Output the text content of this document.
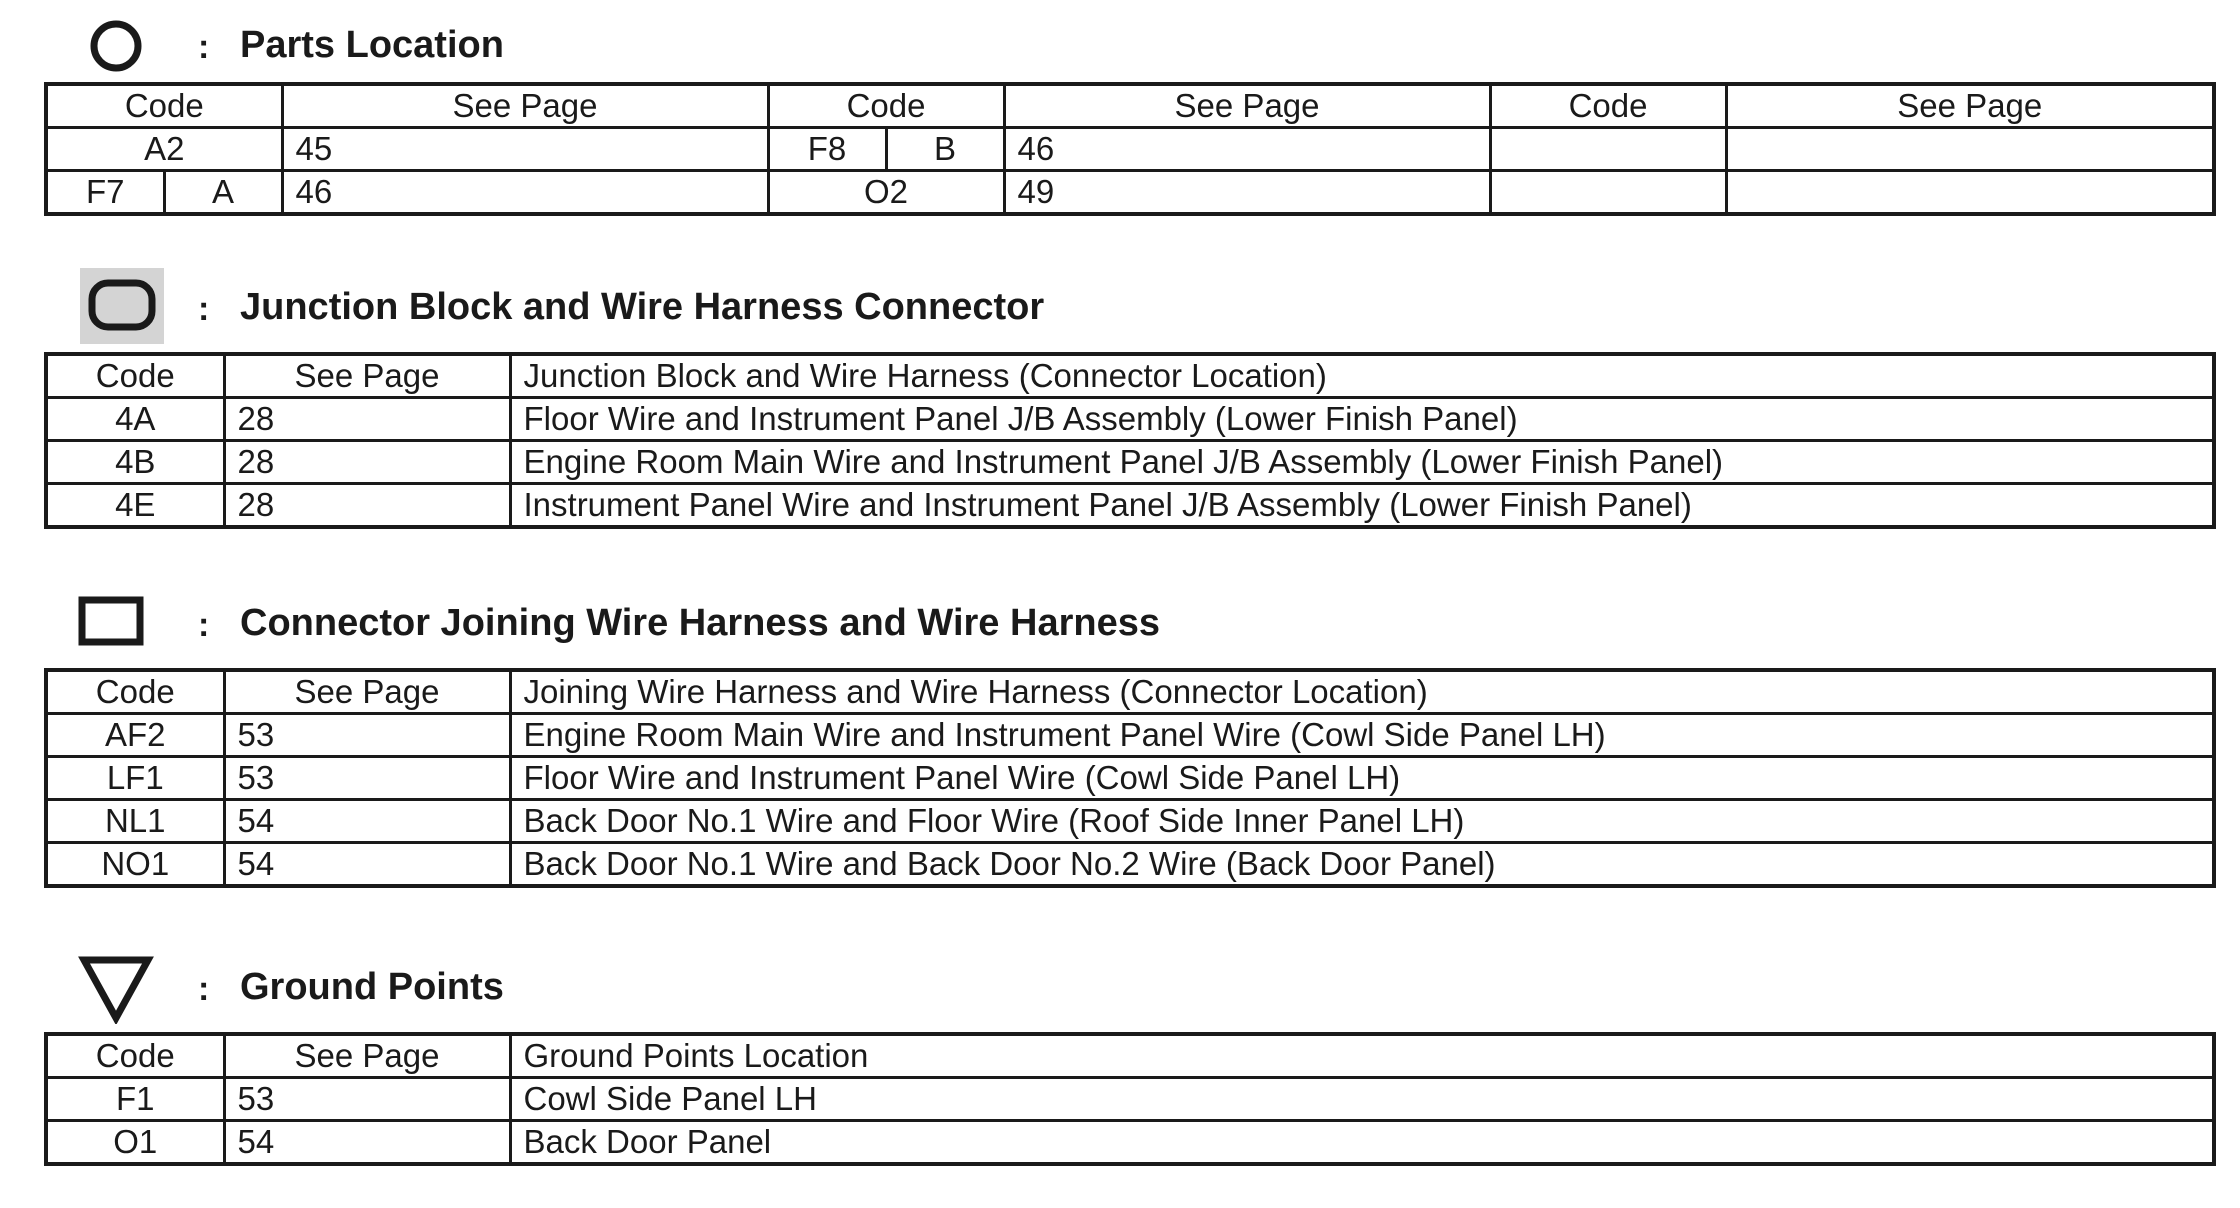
: Parts Location
Code		See Page	Code		See Page	Code	See Page
A2		45	F8	B	46		
F7	A	46	O2		49		
: Junction Block and Wire Harness Connector
Code	See Page	Junction Block and Wire Harness (Connector Location)
4A	28	Floor Wire and Instrument Panel J/B Assembly (Lower Finish Panel)
4B	28	Engine Room Main Wire and Instrument Panel J/B Assembly (Lower Finish Panel)
4E	28	Instrument Panel Wire and Instrument Panel J/B Assembly (Lower Finish Panel)
: Connector Joining Wire Harness and Wire Harness
Code	See Page	Joining Wire Harness and Wire Harness (Connector Location)
AF2	53	Engine Room Main Wire and Instrument Panel Wire (Cowl Side Panel LH)
LF1	53	Floor Wire and Instrument Panel Wire (Cowl Side Panel LH)
NL1	54	Back Door No.1 Wire and Floor Wire (Roof Side Inner Panel LH)
NO1	54	Back Door No.1 Wire and Back Door No.2 Wire (Back Door Panel)
: Ground Points
Code	See Page	Ground Points Location
F1	53	Cowl Side Panel LH
O1	54	Back Door Panel
